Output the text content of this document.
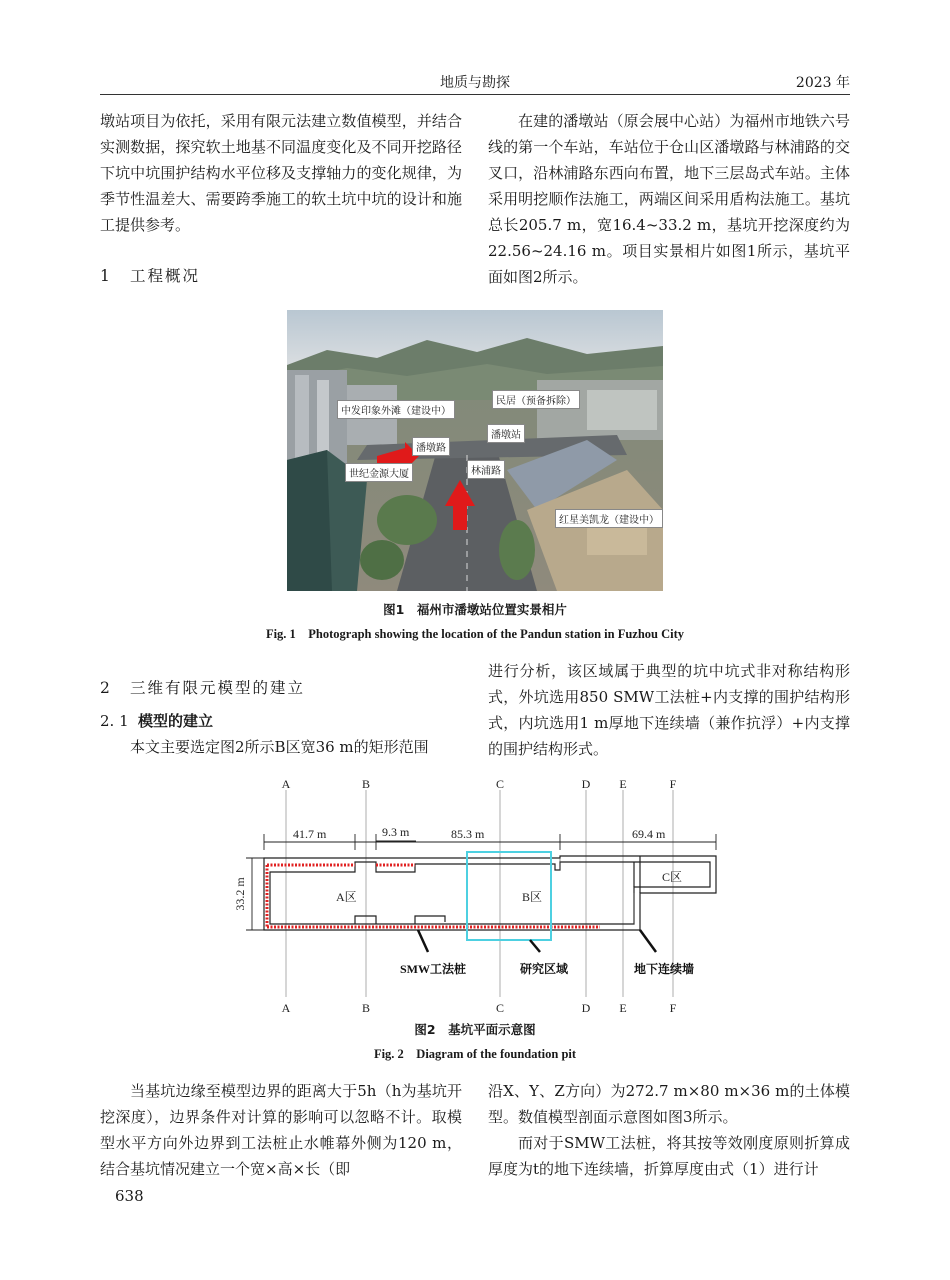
地质与勘探	2023 年

墩站项目为依托，采用有限元法建立数值模型，并结合实测数据，探究软土地基不同温度变化及不同开挖路径下坑中坑围护结构水平位移及支撑轴力的变化规律，为季节性温差大、需要跨季施工的软土坑中坑的设计和施工提供参考。

1 工程概况

在建的潘墩站（原会展中心站）为福州市地铁六号线的第一个车站，车站位于仓山区潘墩路与林浦路的交叉口，沿林浦路东西向布置，地下三层岛式车站。主体采用明挖顺作法施工，两端区间采用盾构法施工。基坑总长205.7 m，宽16.4~33.2 m，基坑开挖深度约为22.56~24.16 m。项目实景相片如图1所示，基坑平面如图2所示。

中发印象外滩（建设中）
民居（预备拆除）
潘墩站
潘墩路
林浦路
世纪金源大厦
红星美凯龙（建设中）
图1　福州市潘墩站位置实景相片
Fig. 1　Photograph showing the location of the Pandun station in Fuzhou City
2 三维有限元模型的建立
2. 1 模型的建立

本文主要选定图2所示B区宽36 m的矩形范围

进行分析，该区域属于典型的坑中坑式非对称结构形式，外坑选用850 SMW工法桩+内支撑的围护结构形式，内坑选用1 m厚地下连续墙（兼作抗浮）+内支撑的围护结构形式。

A	B	C	D E	F
A	B	C	D E	F
41.7 m	9.3 m	85.3 m	69.4 m
33.2 m	A区	B区
C区
SMW工法桩	研究区域	地下连续墙
图2　基坑平面示意图
Fig. 2　Diagram of the foundation pit

当基坑边缘至模型边界的距离大于5h（h为基坑开挖深度），边界条件对计算的影响可以忽略不计。取模型水平方向外边界到工法桩止水帷幕外侧为120 m，结合基坑情况建立一个宽×高×长（即

沿X、Y、Z方向）为272.7 m×80 m×36 m的土体模型。数值模型剖面示意图如图3所示。

而对于SMW工法桩，将其按等效刚度原则折算成厚度为t的地下连续墙，折算厚度由式（1）进行计

638
